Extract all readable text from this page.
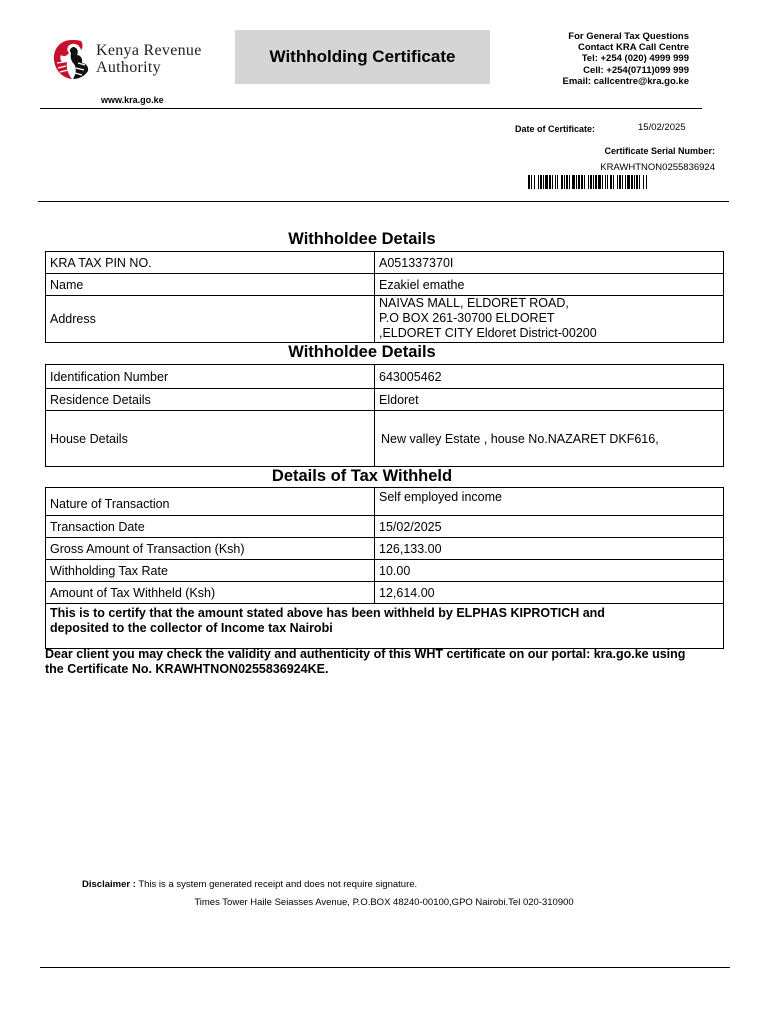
Kenya Revenue
Authority
www.kra.go.ke
Withholding Certificate
For General Tax Questions
Contact KRA Call Centre
Tel: +254 (020) 4999 999
Cell: +254(0711)099 999
Email: callcentre@kra.go.ke
Date of Certificate:	15/02/2025
Certificate Serial Number:
KRAWHTNON0255836924
Withholdee Details
KRA TAX PIN NO.	A051337370I
Name	Ezakiel emathe
Address	NAIVAS MALL, ELDORET ROAD,
P.O BOX 261-30700 ELDORET
,ELDORET CITY Eldoret District-00200
Withholdee Details
Identification Number	643005462
Residence Details	Eldoret
House Details	New valley Estate , house No.NAZARET DKF616,
Details of Tax Withheld
Nature of Transaction	Self employed income
Transaction Date	15/02/2025
Gross Amount of Transaction (Ksh)	126,133.00
Withholding Tax Rate	10.00
Amount of Tax Withheld (Ksh)	12,614.00
This is to certify that the amount stated above has been withheld by ELPHAS KIPROTICH and
deposited to the collector of Income tax Nairobi
Dear client you may check the validity and authenticity of this WHT certificate on our portal: kra.go.ke using
the Certificate No. KRAWHTNON0255836924KE.
Disclaimer : This is a system generated receipt and does not require signature.
Times Tower Haile Seiasses Avenue, P.O.BOX 48240-00100,GPO Nairobi.Tel 020-310900
